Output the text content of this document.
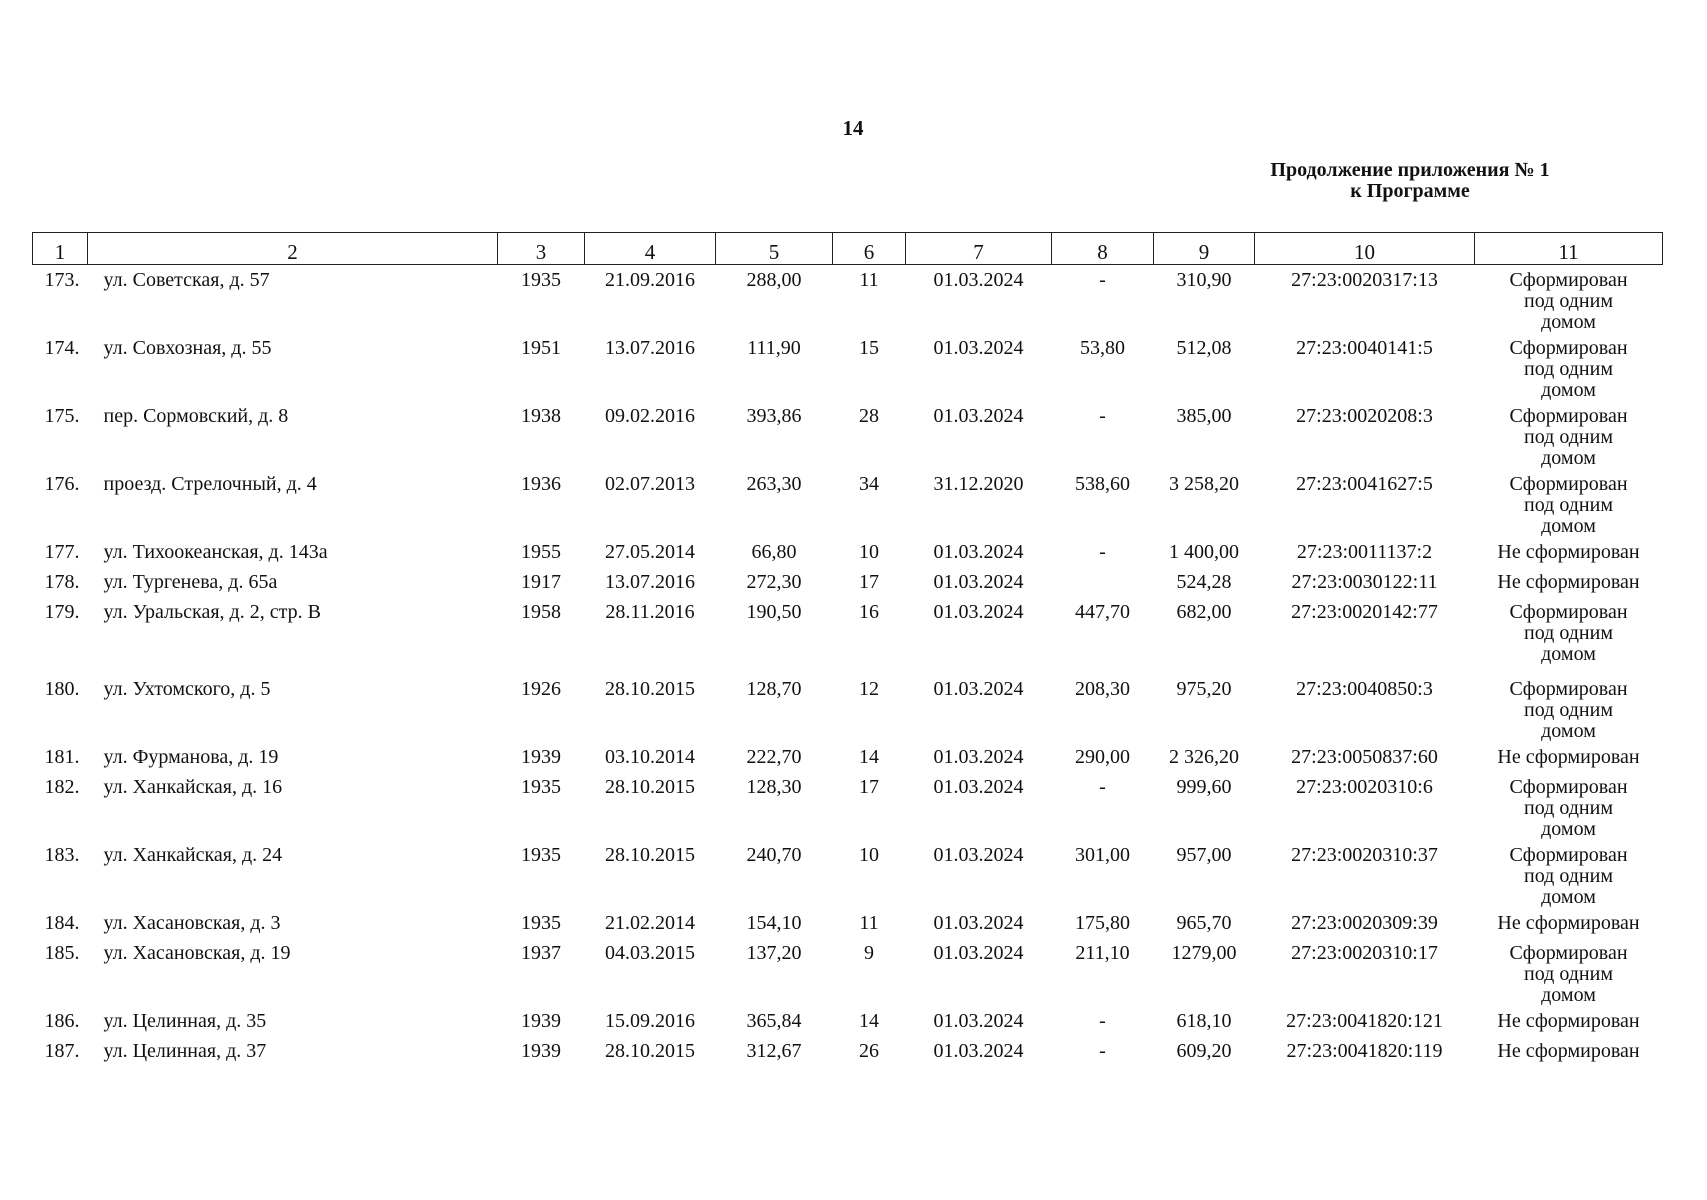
14
Продолжение приложения № 1
к Программе
1	2	3	4	5	6	7	8	9	10	11
173.	ул. Советская, д. 57	1935	21.09.2016	288,00	11	01.03.2024	-	310,90	27:23:0020317:13	Сформирован
под одним
домом

174.	ул. Совхозная, д. 55	1951	13.07.2016	111,90	15	01.03.2024	53,80	512,08	27:23:0040141:5	Сформирован
под одним
домом

175.	пер. Сормовский, д. 8	1938	09.02.2016	393,86	28	01.03.2024	-	385,00	27:23:0020208:3	Сформирован
под одним
домом

176.	проезд. Стрелочный, д. 4	1936	02.07.2013	263,30	34	31.12.2020	538,60	3 258,20	27:23:0041627:5	Сформирован
под одним
домом

177.	ул. Тихоокеанская, д. 143а	1955	27.05.2014	66,80	10	01.03.2024	-	1 400,00	27:23:0011137:2	Не сформирован
178.	ул. Тургенева, д. 65а	1917	13.07.2016	272,30	17	01.03.2024		524,28	27:23:0030122:11	Не сформирован
179.	ул. Уральская, д. 2, стр. В	1958	28.11.2016	190,50	16	01.03.2024	447,70	682,00	27:23:0020142:77	Сформирован
под одним
домом

180.	ул. Ухтомского, д. 5	1926	28.10.2015	128,70	12	01.03.2024	208,30	975,20	27:23:0040850:3	Сформирован
под одним
домом

181.	ул. Фурманова, д. 19	1939	03.10.2014	222,70	14	01.03.2024	290,00	2 326,20	27:23:0050837:60	Не сформирован
182.	ул. Ханкайская, д. 16	1935	28.10.2015	128,30	17	01.03.2024	-	999,60	27:23:0020310:6	Сформирован
под одним
домом

183.	ул. Ханкайская, д. 24	1935	28.10.2015	240,70	10	01.03.2024	301,00	957,00	27:23:0020310:37	Сформирован
под одним
домом

184.	ул. Хасановская, д. 3	1935	21.02.2014	154,10	11	01.03.2024	175,80	965,70	27:23:0020309:39	Не сформирован
185.	ул. Хасановская, д. 19	1937	04.03.2015	137,20	9	01.03.2024	211,10	1279,00	27:23:0020310:17	Сформирован
под одним
домом

186.	ул. Целинная, д. 35	1939	15.09.2016	365,84	14	01.03.2024	-	618,10	27:23:0041820:121	Не сформирован
187.	ул. Целинная, д. 37	1939	28.10.2015	312,67	26	01.03.2024	-	609,20	27:23:0041820:119	Не сформирован
